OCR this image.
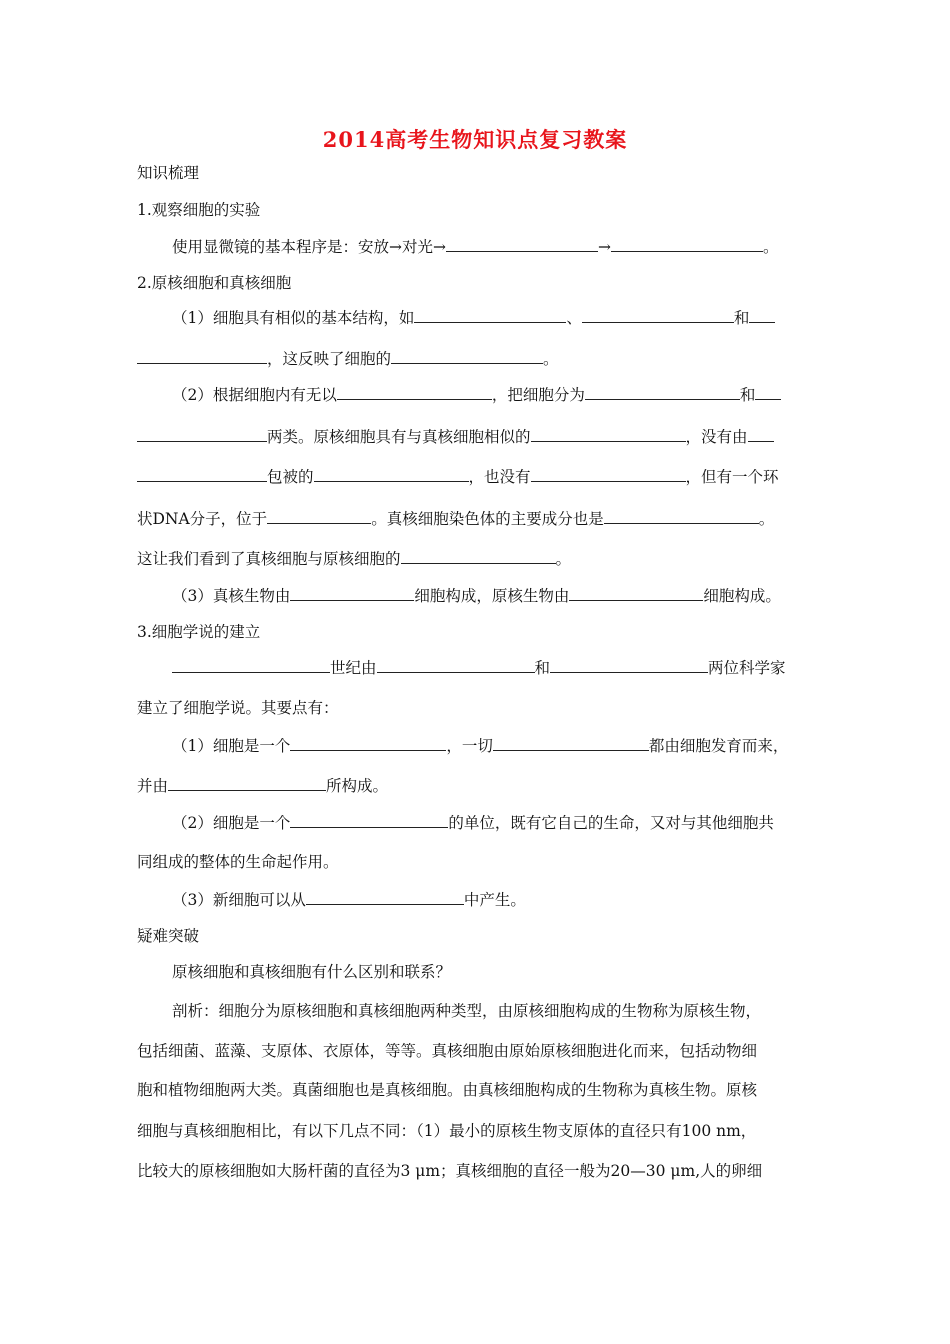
2014高考生物知识点复习教案
知识梳理
1.观察细胞的实验
使用显微镜的基本程序是：安放→对光→	→	。
2.原核细胞和真核细胞
（1）细胞具有相似的基本结构，如	、	和
，这反映了细胞的	。
（2）根据细胞内有无以	，把细胞分为	和
两类。原核细胞具有与真核细胞相似的	，没有由
包被的	，也没有	，但有一个环
状DNA分子，位于	。真核细胞染色体的主要成分也是	。
这让我们看到了真核细胞与原核细胞的	。
（3）真核生物由	细胞构成，原核生物由	细胞构成。
3.细胞学说的建立
世纪由	和	两位科学家
建立了细胞学说。其要点有：
（1）细胞是一个	，一切	都由细胞发育而来，
并由	所构成。
（2）细胞是一个	的单位，既有它自己的生命，又对与其他细胞共
同组成的整体的生命起作用。
（3）新细胞可以从	中产生。
疑难突破
原核细胞和真核细胞有什么区别和联系？
剖析：细胞分为原核细胞和真核细胞两种类型，由原核细胞构成的生物称为原核生物，
包括细菌、蓝藻、支原体、衣原体，等等。真核细胞由原始原核细胞进化而来，包括动物细
胞和植物细胞两大类。真菌细胞也是真核细胞。由真核细胞构成的生物称为真核生物。原核
细胞与真核细胞相比，有以下几点不同：（1）最小的原核生物支原体的直径只有100 nm，
比较大的原核细胞如大肠杆菌的直径为3 μm；真核细胞的直径一般为20—30 μm,人的卵细
